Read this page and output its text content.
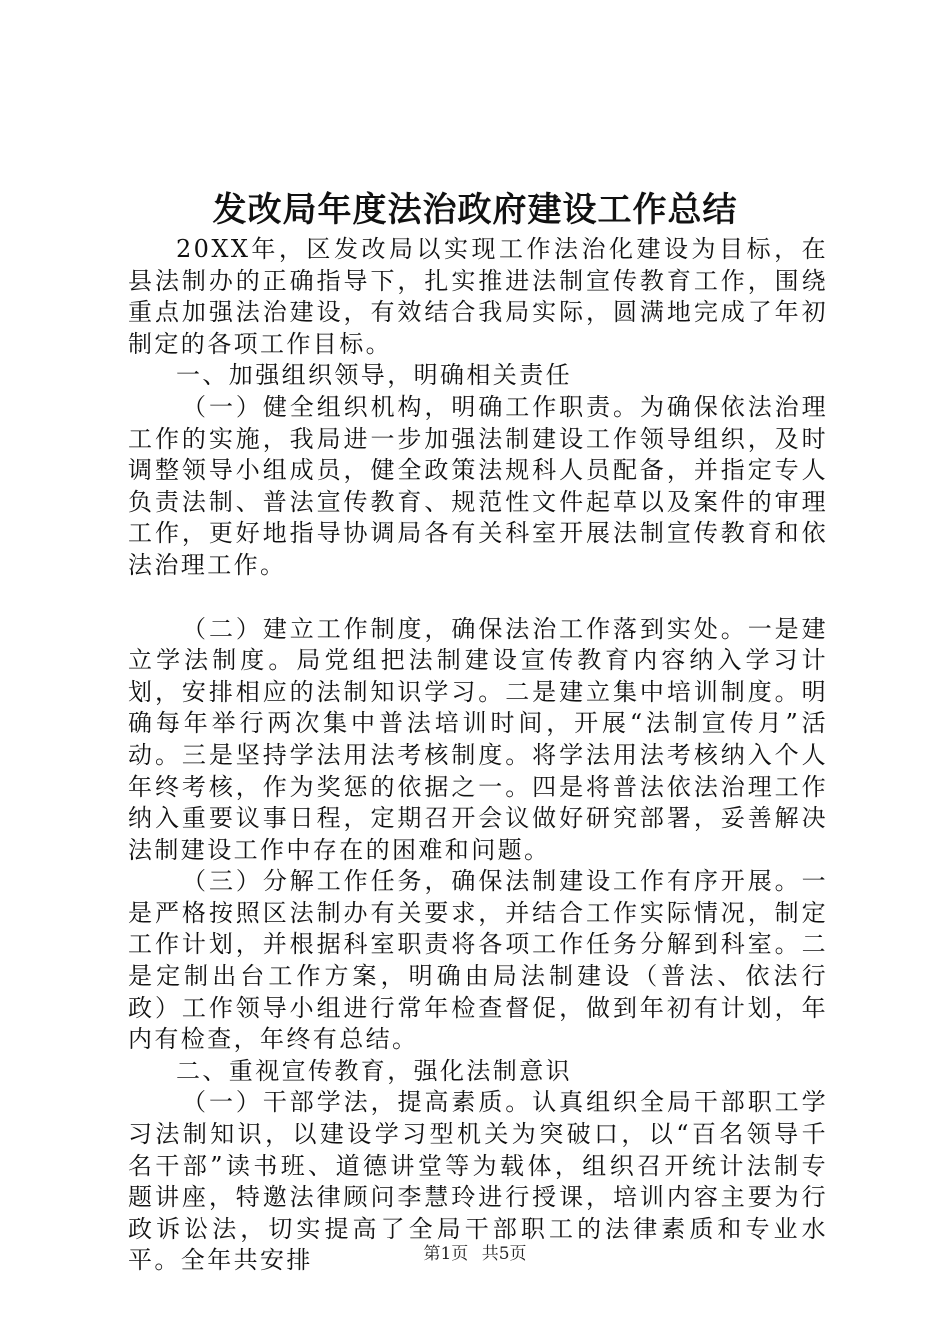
发改局年度法治政府建设工作总结

20XX年，区发改局以实现工作法治化建设为目标，在县法制办的正确指导下，扎实推进法制宣传教育工作，围绕重点加强法治建设，有效结合我局实际，圆满地完成了年初制定的各项工作目标。

一、加强组织领导，明确相关责任

（一）健全组织机构，明确工作职责。为确保依法治理工作的实施，我局进一步加强法制建设工作领导组织，及时调整领导小组成员，健全政策法规科人员配备，并指定专人负责法制、普法宣传教育、规范性文件起草以及案件的审理工作，更好地指导协调局各有关科室开展法制宣传教育和依法治理工作。

（二）建立工作制度，确保法治工作落到实处。一是建立学法制度。局党组把法制建设宣传教育内容纳入学习计划，安排相应的法制知识学习。二是建立集中培训制度。明确每年举行两次集中普法培训时间，开展“法制宣传月”活动。三是坚持学法用法考核制度。将学法用法考核纳入个人年终考核，作为奖惩的依据之一。四是将普法依法治理工作纳入重要议事日程，定期召开会议做好研究部署，妥善解决法制建设工作中存在的困难和问题。

（三）分解工作任务，确保法制建设工作有序开展。一是严格按照区法制办有关要求，并结合工作实际情况，制定工作计划，并根据科室职责将各项工作任务分解到科室。二是定制出台工作方案，明确由局法制建设（普法、依法行政）工作领导小组进行常年检查督促，做到年初有计划，年内有检查，年终有总结。

二、重视宣传教育，强化法制意识

（一）干部学法，提高素质。认真组织全局干部职工学习法制知识，以建设学习型机关为突破口，以“百名领导千名干部”读书班、道德讲堂等为载体，组织召开统计法制专题讲座，特邀法律顾问李慧玲进行授课，培训内容主要为行政诉讼法，切实提高了全局干部职工的法律素质和专业水平。全年共安排	第1页 共5页
